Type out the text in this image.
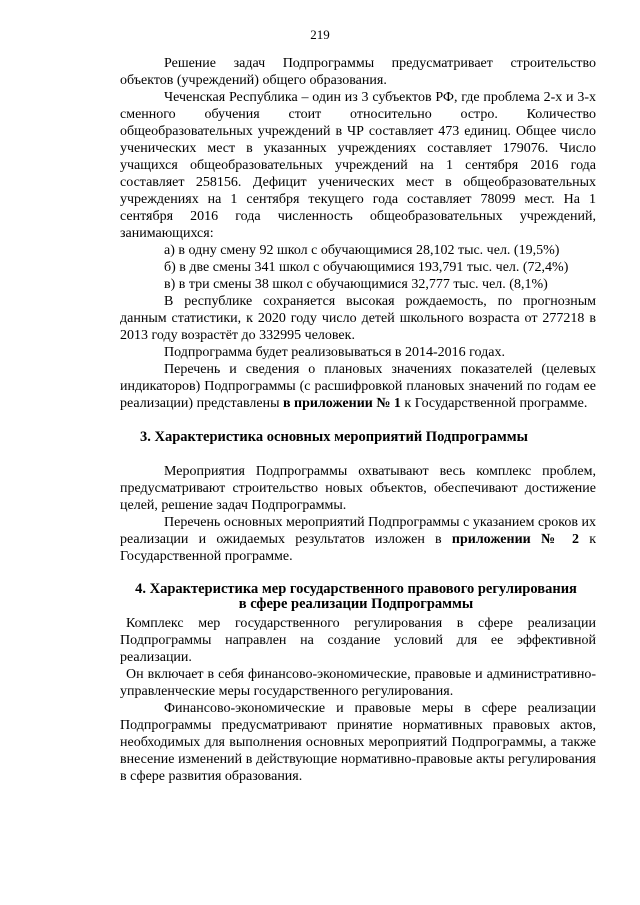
219

Решение задач Подпрограммы предусматривает строительство объектов (учреждений) общего образования.

Чеченская Республика – один из 3 субъектов РФ, где проблема 2-х и 3-х сменного обучения стоит относительно остро. Количество общеобразовательных учреждений в ЧР составляет 473 единиц. Общее число ученических мест в указанных учреждениях составляет 179076. Число учащихся общеобразовательных учреждений на 1 сентября 2016 года составляет 258156. Дефицит ученических мест в общеобразовательных учреждениях на 1 сентября текущего года составляет 78099 мест. На 1 сентября 2016 года численность общеобразовательных учреждений, занимающихся:

а) в одну смену 92 школ с обучающимися 28,102 тыс. чел. (19,5%)

б) в две смены 341 школ с обучающимися 193,791 тыс. чел. (72,4%)

в) в три смены 38 школ с обучающимися 32,777 тыс. чел. (8,1%)

В республике сохраняется высокая рождаемость, по прогнозным данным статистики, к 2020 году число детей школьного возраста от 277218 в 2013 году возрастёт до 332995 человек.

Подпрограмма будет реализовываться в 2014-2016 годах.

Перечень и сведения о плановых значениях показателей (целевых индикаторов) Подпрограммы (с расшифровкой плановых значений по годам ее реализации) представлены в приложении № 1 к Государственной программе.

3. Характеристика основных мероприятий Подпрограммы

Мероприятия Подпрограммы охватывают весь комплекс проблем, предусматривают строительство новых объектов, обеспечивают достижение целей, решение задач Подпрограммы.

Перечень основных мероприятий Подпрограммы с указанием сроков их реализации и ожидаемых результатов изложен в приложении № 2 к Государственной программе.

4. Характеристика мер государственного правового регулирования
в сфере реализации Подпрограммы

Комплекс мер государственного регулирования в сфере реализации Подпрограммы направлен на создание условий для ее эффективной реализации.

Он включает в себя финансово-экономические, правовые и административно-управленческие меры государственного регулирования.

Финансово-экономические и правовые меры в сфере реализации Подпрограммы предусматривают принятие нормативных правовых актов, необходимых для выполнения основных мероприятий Подпрограммы, а также внесение изменений в действующие нормативно-правовые акты регулирования в сфере развития образования.
